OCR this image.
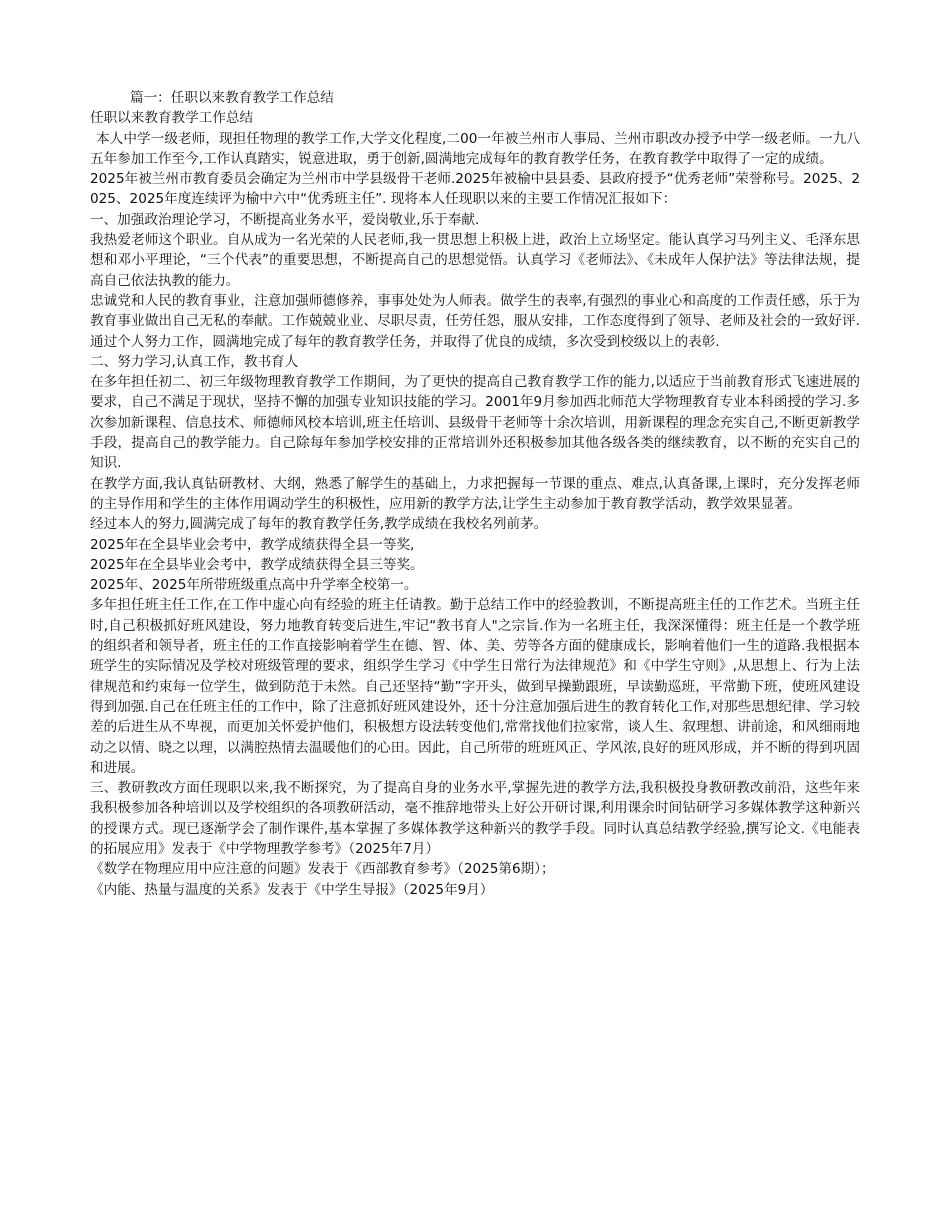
篇一：任职以来教育教学工作总结

任职以来教育教学工作总结

本人中学一级老师，现担任物理的教学工作,大学文化程度,二00一年被兰州市人事局、兰州市职改办授予中学一级老师。一九八五年参加工作至今,工作认真踏实，锐意进取，勇于创新,圆满地完成每年的教育教学任务，在教育教学中取得了一定的成绩。

2025年被兰州市教育委员会确定为兰州市中学县级骨干老师.2025年被榆中县县委、县政府授予“优秀老师”荣誉称号。2025、2025、2025年度连续评为榆中六中“优秀班主任”. 现将本人任现职以来的主要工作情况汇报如下：

一、加强政治理论学习，不断提高业务水平，爱岗敬业,乐于奉献.

我热爱老师这个职业。自从成为一名光荣的人民老师,我一贯思想上积极上进，政治上立场坚定。能认真学习马列主义、毛泽东思想和邓小平理论，“三个代表”的重要思想，不断提高自己的思想觉悟。认真学习《老师法》、《未成年人保护法》等法律法规，提高自己依法执教的能力。

忠诚党和人民的教育事业，注意加强师德修养，事事处处为人师表。做学生的表率,有强烈的事业心和高度的工作责任感，乐于为教育事业做出自己无私的奉献。工作兢兢业业、尽职尽责，任劳任怨，服从安排，工作态度得到了领导、老师及社会的一致好评.通过个人努力工作，圆满地完成了每年的教育教学任务，并取得了优良的成绩，多次受到校级以上的表彰.

二、努力学习,认真工作，教书育人

在多年担任初二、初三年级物理教育教学工作期间，为了更快的提高自己教育教学工作的能力,以适应于当前教育形式飞速进展的要求，自己不满足于现状，坚持不懈的加强专业知识技能的学习。2001年9月参加西北师范大学物理教育专业本科函授的学习.多次参加新课程、信息技术、师德师风校本培训,班主任培训、县级骨干老师等十余次培训，用新课程的理念充实自己,不断更新教学手段，提高自己的教学能力。自己除每年参加学校安排的正常培训外还积极参加其他各级各类的继续教育，以不断的充实自己的知识.

在教学方面,我认真钻研教材、大纲，熟悉了解学生的基础上，力求把握每一节课的重点、难点,认真备课,上课时，充分发挥老师的主导作用和学生的主体作用调动学生的积极性，应用新的教学方法,让学生主动参加于教育教学活动，教学效果显著。

经过本人的努力,圆满完成了每年的教育教学任务,教学成绩在我校名列前茅。

2025年在全县毕业会考中，教学成绩获得全县一等奖,

2025年在全县毕业会考中，教学成绩获得全县三等奖。

2025年、2025年所带班级重点高中升学率全校第一。

多年担任班主任工作,在工作中虚心向有经验的班主任请教。勤于总结工作中的经验教训，不断提高班主任的工作艺术。当班主任时,自己积极抓好班风建设，努力地教育转变后进生,牢记“教书育人"之宗旨.作为一名班主任，我深深懂得：班主任是一个教学班的组织者和领导者，班主任的工作直接影响着学生在德、智、体、美、劳等各方面的健康成长，影响着他们一生的道路.我根据本班学生的实际情况及学校对班级管理的要求，组织学生学习《中学生日常行为法律规范》和《中学生守则》,从思想上、行为上法律规范和约束每一位学生，做到防范于未然。自己还坚持“勤”字开头，做到早操勤跟班，早读勤巡班，平常勤下班，使班风建设得到加强.自己在任班主任的工作中，除了注意抓好班风建设外，还十分注意加强后进生的教育转化工作,对那些思想纪律、学习较差的后进生从不卑视，而更加关怀爱护他们，积极想方设法转变他们,常常找他们拉家常，谈人生、叙理想、讲前途，和风细雨地动之以情、晓之以理，以满腔热情去温暖他们的心田。因此，自己所带的班班风正、学风浓,良好的班风形成，并不断的得到巩固和进展。

三、教研教改方面任现职以来,我不断探究，为了提高自身的业务水平,掌握先进的教学方法,我积极投身教研教改前沿，这些年来我积极参加各种培训以及学校组织的各项教研活动，毫不推辞地带头上好公开研讨课,利用课余时间钻研学习多媒体教学这种新兴的授课方式。现已逐渐学会了制作课件,基本掌握了多媒体教学这种新兴的教学手段。同时认真总结教学经验,撰写论文.《电能表的拓展应用》发表于《中学物理教学参考》（2025年7月）

《数学在物理应用中应注意的问题》发表于《西部教育参考》（2025第6期）；

《内能、热量与温度的关系》发表于《中学生导报》（2025年9月）
